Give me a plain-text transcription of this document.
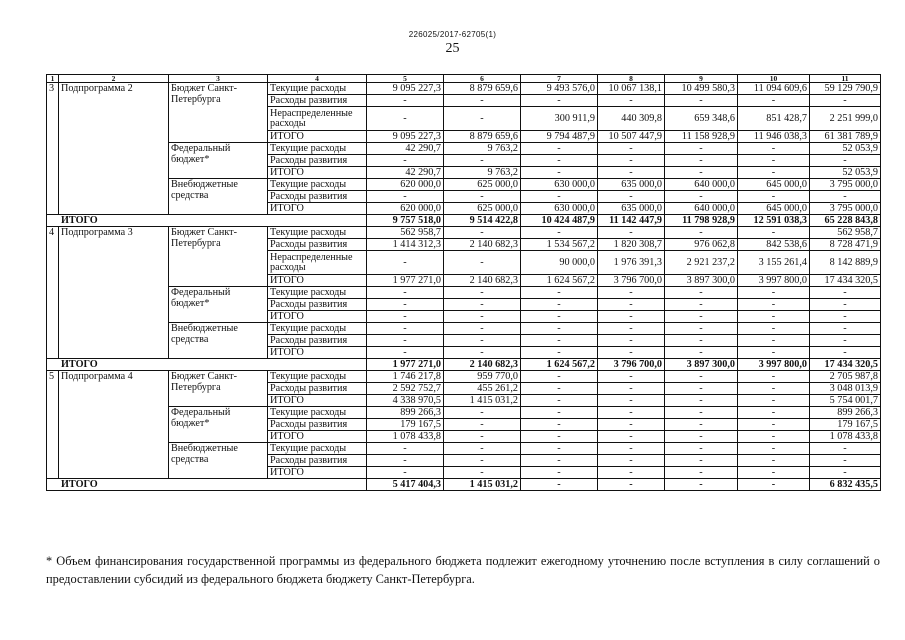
226025/2017-62705(1)
25
1	2	3	4	5	6	7	8	9	10	11
3	Подпрограмма 2	Бюджет Санкт-Петербурга	Текущие расходы	9 095 227,3	8 879 659,6	9 493 576,0	10 067 138,1	10 499 580,3	11 094 609,6	59 129 790,9
			Расходы развития	-	-	-	-	-	-	-
			Нераспределенные расходы	-	-	300 911,9	440 309,8	659 348,6	851 428,7	2 251 999,0
			ИТОГО	9 095 227,3	8 879 659,6	9 794 487,9	10 507 447,9	11 158 928,9	11 946 038,3	61 381 789,9
		Федеральный бюджет*	Текущие расходы	42 290,7	9 763,2	-	-	-	-	52 053,9
			Расходы развития	-	-	-	-	-	-	-
			ИТОГО	42 290,7	9 763,2	-	-	-	-	52 053,9
		Внебюджетные средства	Текущие расходы	620 000,0	625 000,0	630 000,0	635 000,0	640 000,0	645 000,0	3 795 000,0
			Расходы развития	-	-	-	-	-	-	-
			ИТОГО	620 000,0	625 000,0	630 000,0	635 000,0	640 000,0	645 000,0	3 795 000,0
	ИТОГО			9 757 518,0	9 514 422,8	10 424 487,9	11 142 447,9	11 798 928,9	12 591 038,3	65 228 843,8
4	Подпрограмма 3	Бюджет Санкт-Петербурга	Текущие расходы	562 958,7	-	-	-	-	-	562 958,7
			Расходы развития	1 414 312,3	2 140 682,3	1 534 567,2	1 820 308,7	976 062,8	842 538,6	8 728 471,9
			Нераспределенные расходы	-	-	90 000,0	1 976 391,3	2 921 237,2	3 155 261,4	8 142 889,9
			ИТОГО	1 977 271,0	2 140 682,3	1 624 567,2	3 796 700,0	3 897 300,0	3 997 800,0	17 434 320,5
		Федеральный бюджет*	Текущие расходы	-	-	-	-	-	-	-
			Расходы развития	-	-	-	-	-	-	-
			ИТОГО	-	-	-	-	-	-	-
		Внебюджетные средства	Текущие расходы	-	-	-	-	-	-	-
			Расходы развития	-	-	-	-	-	-	-
			ИТОГО	-	-	-	-	-	-	-
	ИТОГО			1 977 271,0	2 140 682,3	1 624 567,2	3 796 700,0	3 897 300,0	3 997 800,0	17 434 320,5
5	Подпрограмма 4	Бюджет Санкт-Петербурга	Текущие расходы	1 746 217,8	959 770,0	-	-	-	-	2 705 987,8
			Расходы развития	2 592 752,7	455 261,2	-	-	-	-	3 048 013,9
			ИТОГО	4 338 970,5	1 415 031,2	-	-	-	-	5 754 001,7
		Федеральный бюджет*	Текущие расходы	899 266,3	-	-	-	-	-	899 266,3
			Расходы развития	179 167,5	-	-	-	-	-	179 167,5
			ИТОГО	1 078 433,8	-	-	-	-	-	1 078 433,8
		Внебюджетные средства	Текущие расходы	-	-	-	-	-	-	-
			Расходы развития	-	-	-	-	-	-	-
			ИТОГО	-	-	-	-	-	-	-
	ИТОГО			5 417 404,3	1 415 031,2	-	-	-	-	6 832 435,5
* Объем финансирования государственной программы из федерального бюджета подлежит ежегодному уточнению после вступления в силу соглашений о предоставлении субсидий из федерального бюджета бюджету Санкт-Петербурга.
